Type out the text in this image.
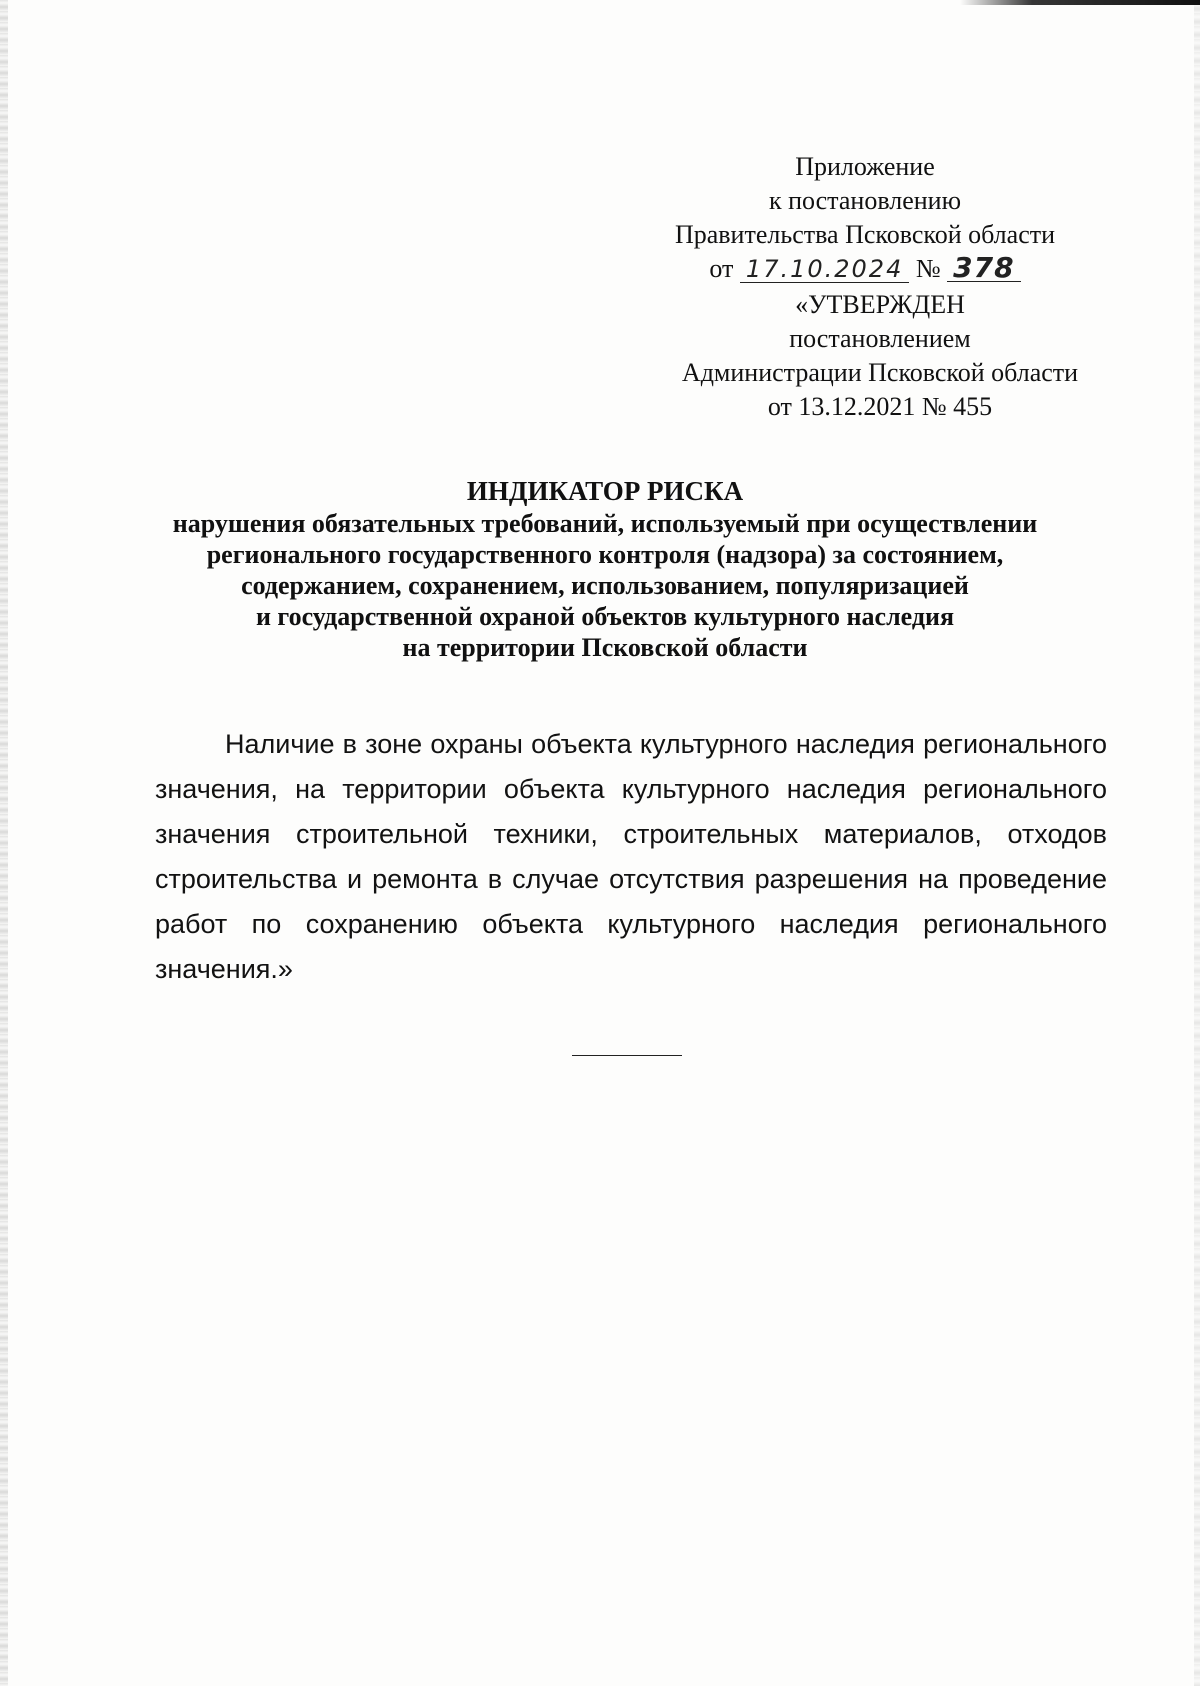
Приложение
к постановлению
Правительства Псковской области
от 17.10.2024 № 378
«УТВЕРЖДЕН
постановлением
Администрации Псковской области
от 13.12.2021 № 455
ИНДИКАТОР РИСКА
нарушения обязательных требований, используемый при осуществлении
регионального государственного контроля (надзора) за состоянием,
содержанием, сохранением, использованием, популяризацией
и государственной охраной объектов культурного наследия
на территории Псковской области
Наличие в зоне охраны объекта культурного наследия регионального значения, на территории объекта культурного наследия регионального значения строительной техники, строительных материалов, отходов строительства и ремонта в случае отсутствия разрешения на проведение работ по сохранению объекта культурного наследия регионального значения.»
